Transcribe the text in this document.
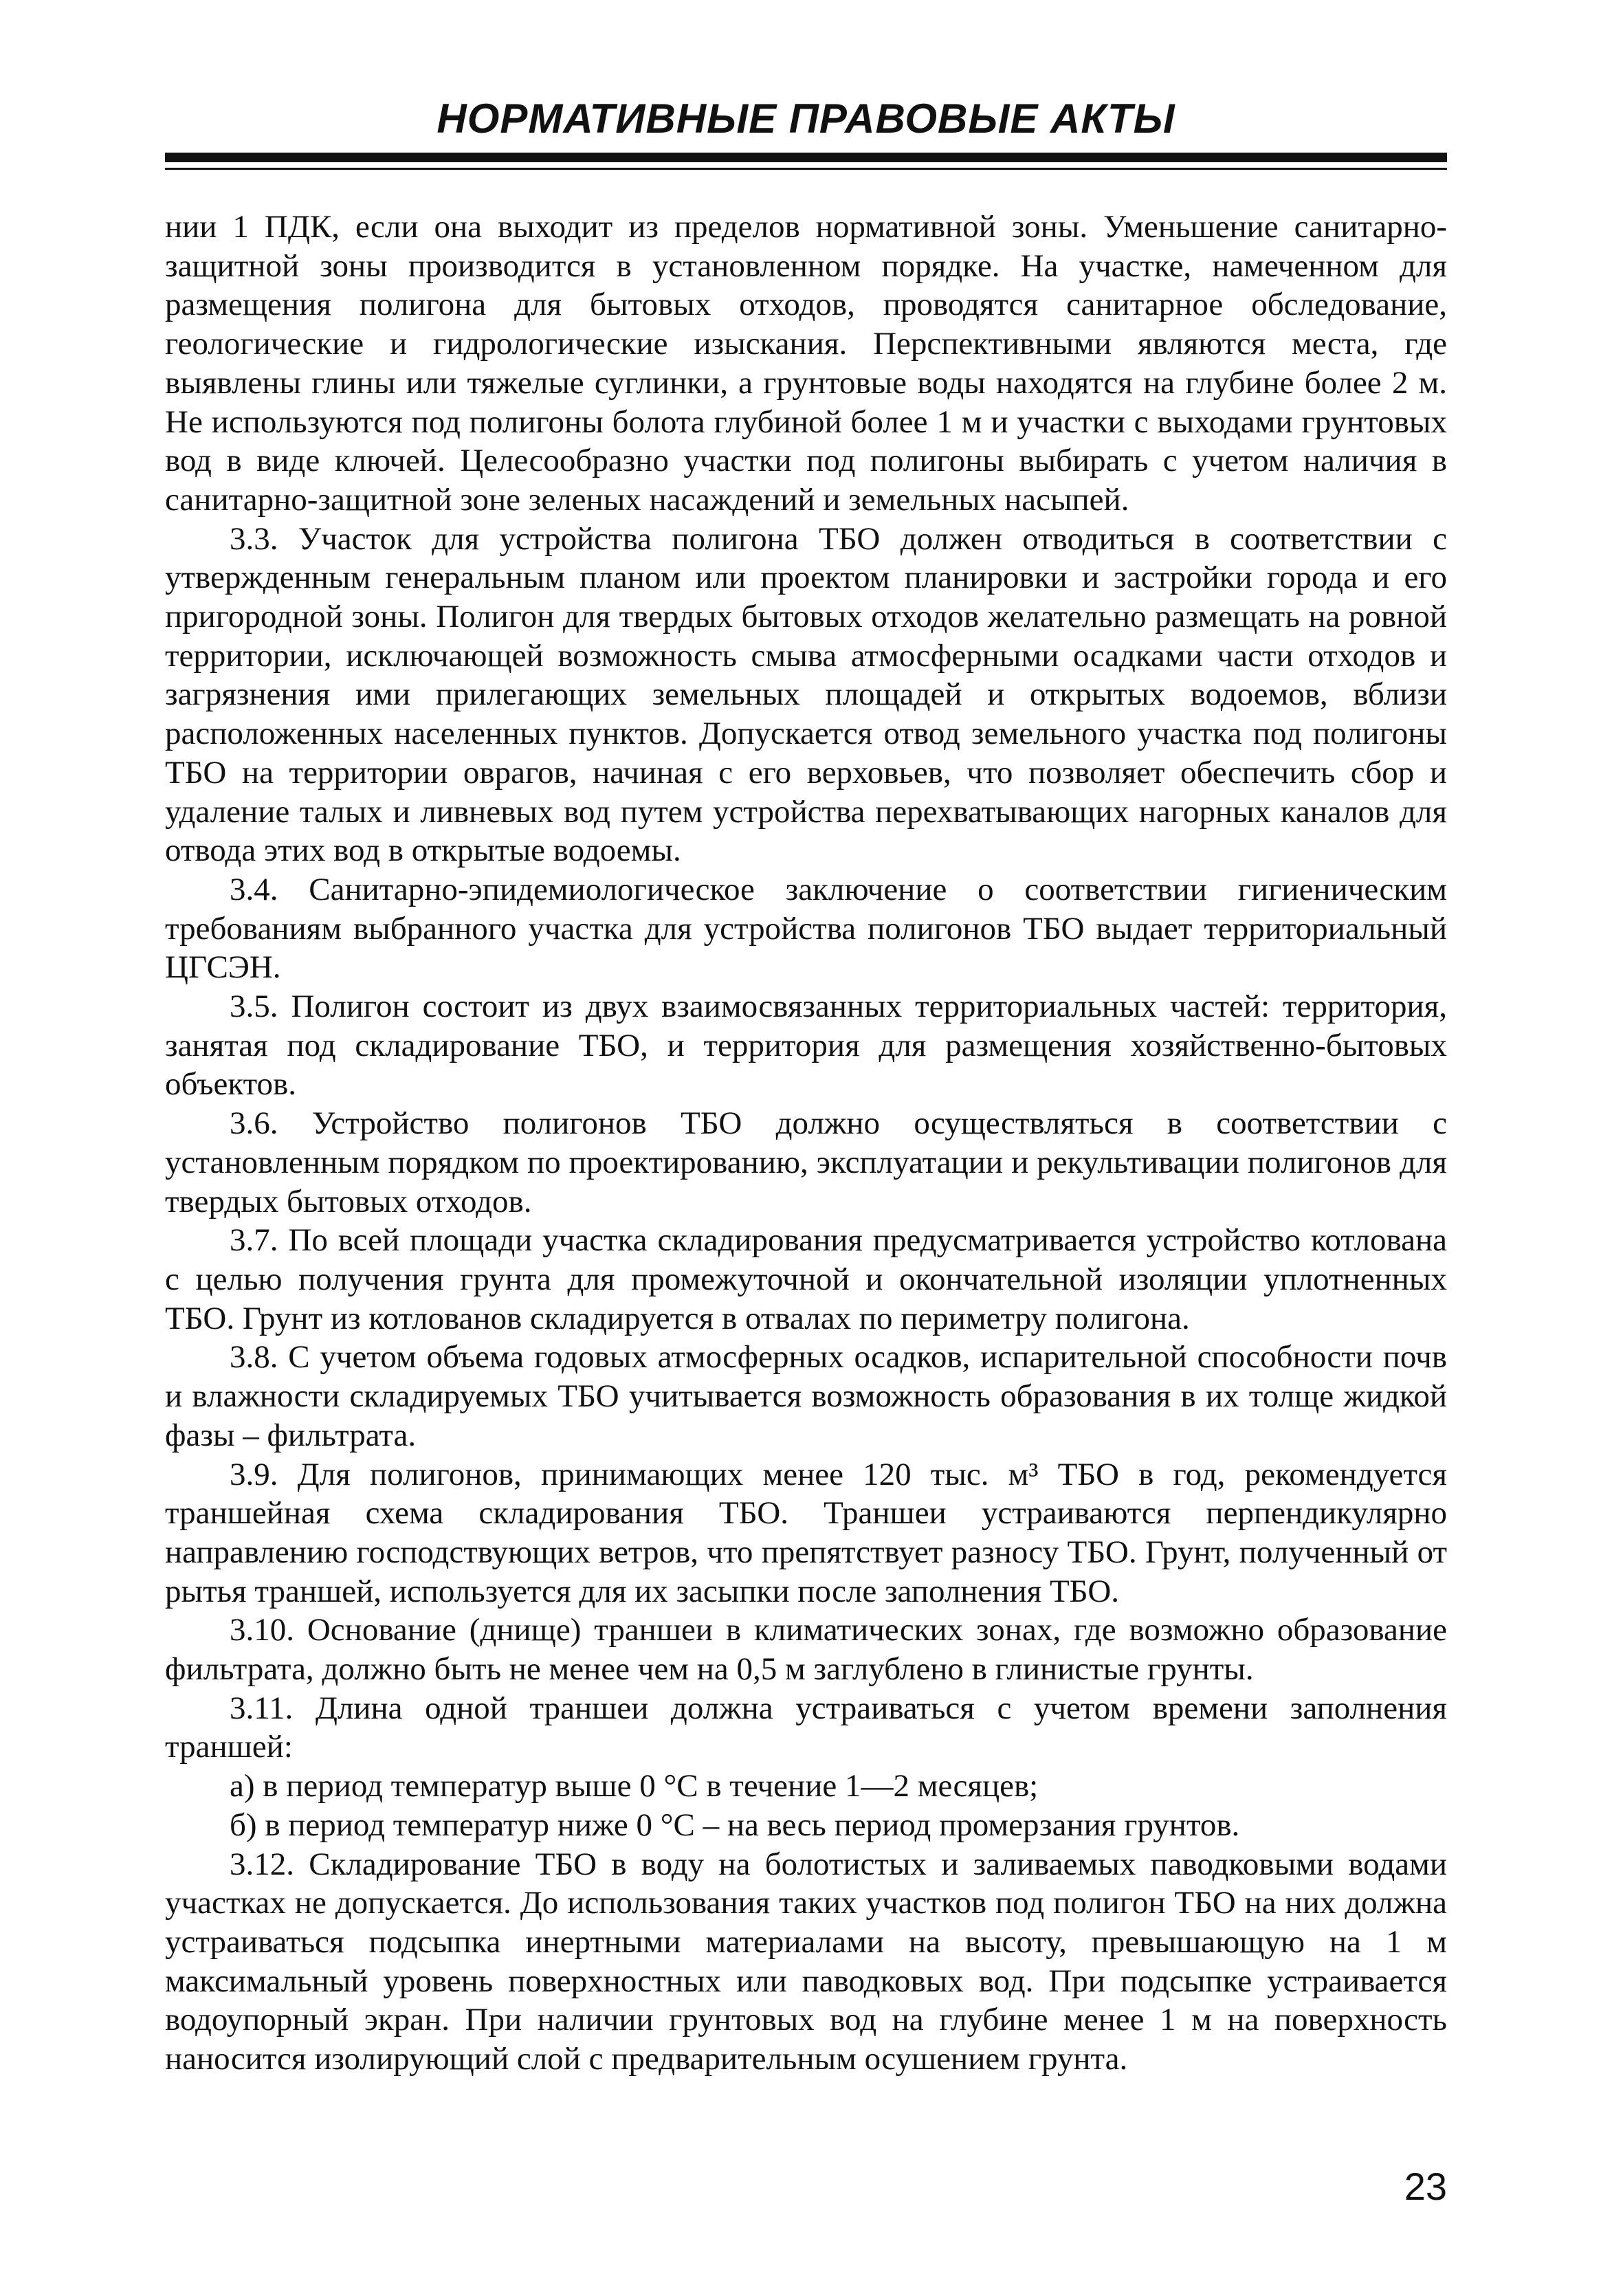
НОРМАТИВНЫЕ ПРАВОВЫЕ АКТЫ

нии 1 ПДК, если она выходит из пределов нормативной зоны. Уменьшение санитарно-защитной зоны производится в установленном порядке. На участке, намеченном для размещения полигона для бытовых отходов, проводятся санитарное обследование, геологические и гидрологические изыскания. Перспективными являются места, где выявлены глины или тяжелые суглинки, а грунтовые воды находятся на глубине более 2 м. Не используются под полигоны болота глубиной более 1 м и участки с выходами грунтовых вод в виде ключей. Целесообразно участки под полигоны выбирать с учетом наличия в санитарно-защитной зоне зеленых насаждений и земельных насыпей.

3.3. Участок для устройства полигона ТБО должен отводиться в соответствии с утвержденным генеральным планом или проектом планировки и застройки города и его пригородной зоны. Полигон для твердых бытовых отходов желательно размещать на ровной территории, исключающей возможность смыва атмосферными осадками части отходов и загрязнения ими прилегающих земельных площадей и открытых водоемов, вблизи расположенных населенных пунктов. Допускается отвод земельного участка под полигоны ТБО на территории оврагов, начиная с его верховьев, что позволяет обеспечить сбор и удаление талых и ливневых вод путем устройства перехватывающих нагорных каналов для отвода этих вод в открытые водоемы.

3.4. Санитарно-эпидемиологическое заключение о соответствии гигиеническим требованиям выбранного участка для устройства полигонов ТБО выдает территориальный ЦГСЭН.

3.5. Полигон состоит из двух взаимосвязанных территориальных частей: территория, занятая под складирование ТБО, и территория для размещения хозяйственно-бытовых объектов.

3.6. Устройство полигонов ТБО должно осуществляться в соответствии с установленным порядком по проектированию, эксплуатации и рекультивации полигонов для твердых бытовых отходов.

3.7. По всей площади участка складирования предусматривается устройство котлована с целью получения грунта для промежуточной и окончательной изоляции уплотненных ТБО. Грунт из котлованов складируется в отвалах по периметру полигона.

3.8. С учетом объема годовых атмосферных осадков, испарительной способности почв и влажности складируемых ТБО учитывается возможность образования в их толще жидкой фазы – фильтрата.

3.9. Для полигонов, принимающих менее 120 тыс. м³ ТБО в год, рекомендуется траншейная схема складирования ТБО. Траншеи устраиваются перпендикулярно направлению господствующих ветров, что препятствует разносу ТБО. Грунт, полученный от рытья траншей, используется для их засыпки после заполнения ТБО.

3.10. Основание (днище) траншеи в климатических зонах, где возможно образование фильтрата, должно быть не менее чем на 0,5 м заглублено в глинистые грунты.

3.11. Длина одной траншеи должна устраиваться с учетом времени заполнения траншей:

а) в период температур выше 0 °С в течение 1—2 месяцев;

б) в период температур ниже 0 °С – на весь период промерзания грунтов.

3.12. Складирование ТБО в воду на болотистых и заливаемых паводковыми водами участках не допускается. До использования таких участков под полигон ТБО на них должна устраиваться подсыпка инертными материалами на высоту, превышающую на 1 м максимальный уровень поверхностных или паводковых вод. При подсыпке устраивается водоупорный экран. При наличии грунтовых вод на глубине менее 1 м на поверхность наносится изолирующий слой с предварительным осушением грунта.

23
